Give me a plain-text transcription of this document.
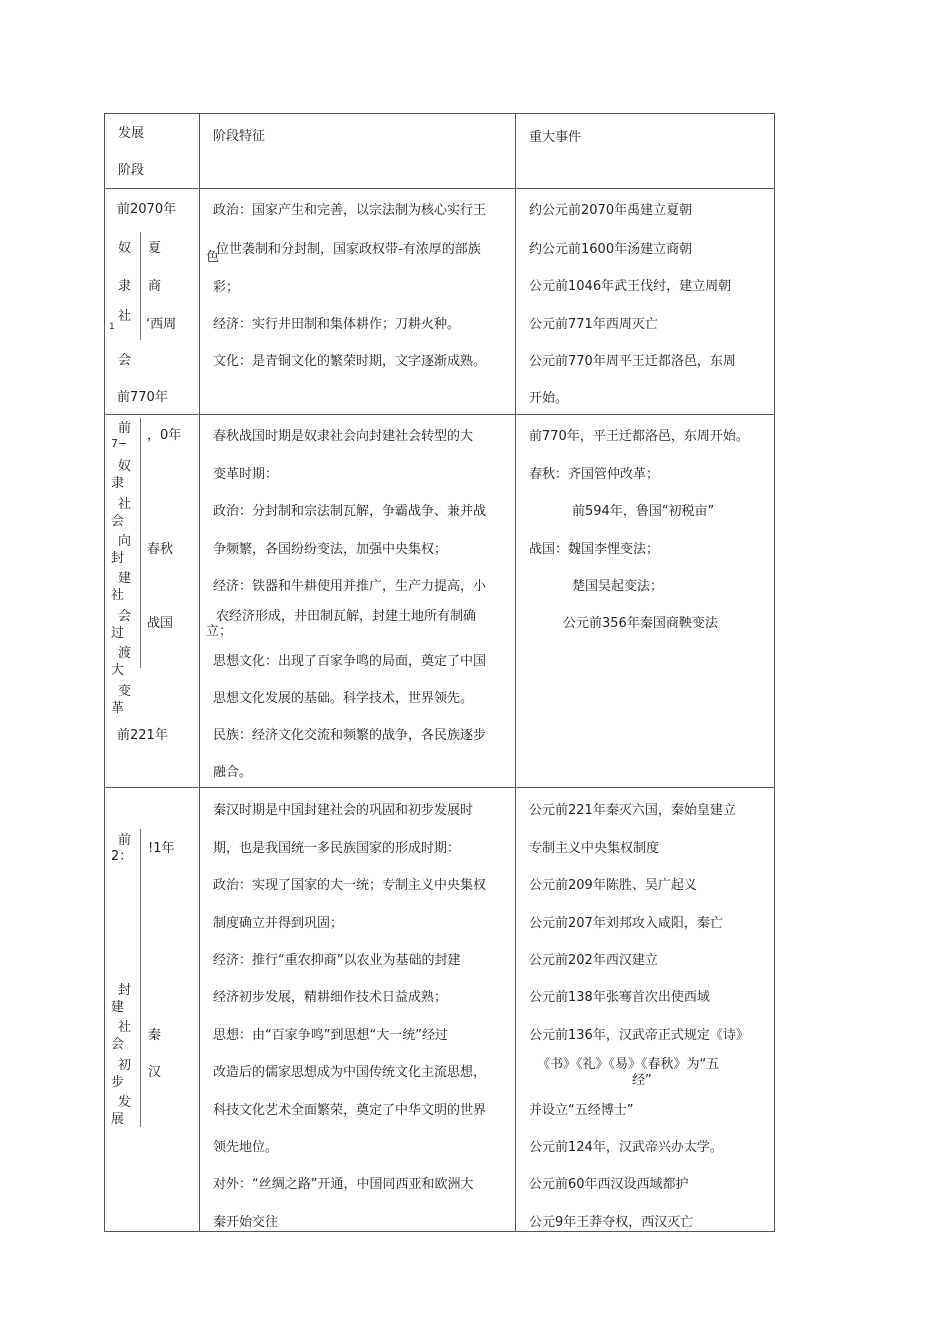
发展
阶段
阶段特征	重大事件
前2070年
奴
隶
社
1
会
夏
商
‘西周
前770年
政治：国家产生和完善，以宗法制为核心实行王
位世袭制和分封制，国家政权带-有浓厚的部族
色
彩；
经济：实行井田制和集体耕作；刀耕火种。
文化：是青铜文化的繁荣时期，文字逐渐成熟。
约公元前2070年禹建立夏朝
约公元前1600年汤建立商朝
公元前1046年武王伐纣，建立周朝
公元前771年西周灭亡
公元前770年周平王迁都洛邑，东周
开始。
前
7−
，0年
奴
隶
社
会
向
封
建
社
会
过
渡
大
变
革
春秋
战国
前221年
春秋战国时期是奴隶社会向封建社会转型的大
变革时期：
政治：分封制和宗法制瓦解，争霸战争、兼并战
争频繁，各国纷纷变法，加强中央集权；
经济：铁器和牛耕使用并推广，生产力提高，小
农经济形成，井田制瓦解，封建土地所有制确
立；
思想文化：出现了百家争鸣的局面，奠定了中国
思想文化发展的基础。科学技术，世界领先。
民族：经济文化交流和频繁的战争，各民族逐步
融合。
前770年，平王迁都洛邑，东周开始。
春秋：齐国管仲改革；
前594年，鲁国“初税亩”
战国：魏国李悝变法；
楚国吴起变法；
公元前356年秦国商鞅变法
前
2：
!1年
封
建
社
会
初
步
发
展
秦
汉
秦汉时期是中国封建社会的巩固和初步发展时
期，也是我国统一多民族国家的形成时期：
政治：实现了国家的大一统；专制主义中央集权
制度确立并得到巩固；
经济：推行“重农抑商”以农业为基础的封建
经济初步发展，精耕细作技术日益成熟；
思想：由“百家争鸣”到思想“大一统”经过
改造后的儒家思想成为中国传统文化主流思想，
科技文化艺术全面繁荣，奠定了中华文明的世界
领先地位。
对外：“丝绸之路”开通，中国同西亚和欧洲大
秦开始交往
公元前221年秦灭六国，秦始皇建立
专制主义中央集权制度
公元前209年陈胜、吴广起义
公元前207年刘邦攻入咸阳，秦亡
公元前202年西汉建立
公元前138年张骞首次出使西域
公元前136年，汉武帝正式规定《诗》
《书》《礼》《易》《春秋》为“五
经”
并设立“五经博士”
公元前124年，汉武帝兴办太学。
公元前60年西汉设西域都护
公元9年王莽夺权，西汉灭亡
